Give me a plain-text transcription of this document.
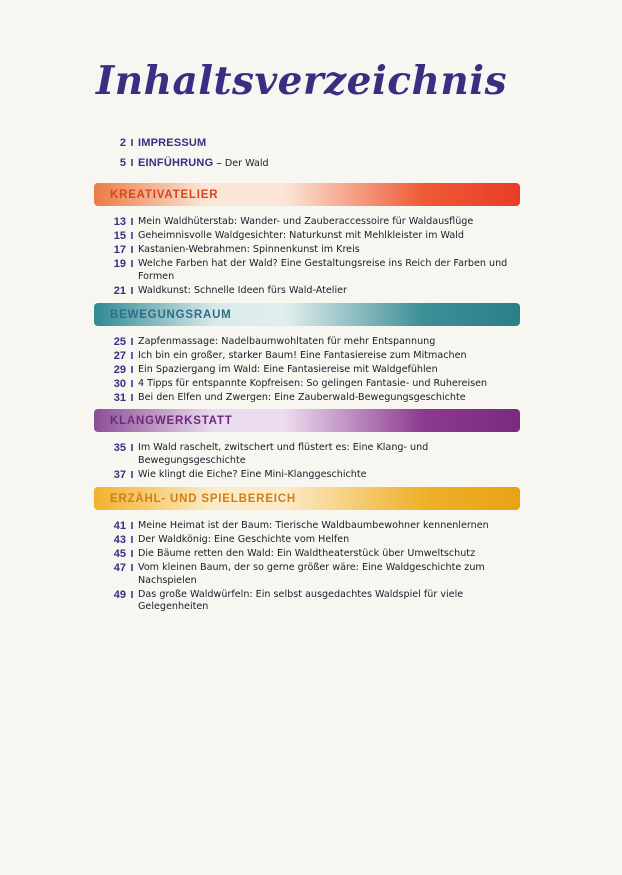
Inhaltsverzeichnis
2 I IMPRESSUM
5 I EINFÜHRUNG – Der Wald
KREATIVATELIER
13 I Mein Waldhüterstab: Wander- und Zauberaccessoire für Waldausflüge
15 I Geheimnisvolle Waldgesichter: Naturkunst mit Mehlkleister im Wald
17 I Kastanien-Webrahmen: Spinnenkunst im Kreis
19 I Welche Farben hat der Wald? Eine Gestaltungsreise ins Reich der Farben und Formen
21 I Waldkunst: Schnelle Ideen fürs Wald-Atelier
BEWEGUNGSRAUM
25 I Zapfenmassage: Nadelbaumwohltaten für mehr Entspannung
27 I Ich bin ein großer, starker Baum! Eine Fantasiereise zum Mitmachen
29 I Ein Spaziergang im Wald: Eine Fantasiereise mit Waldgefühlen
30 I 4 Tipps für entspannte Kopfreisen: So gelingen Fantasie- und Ruhereisen
31 I Bei den Elfen und Zwergen: Eine Zauberwald-Bewegungsgeschichte
KLANGWERKSTATT
35 I Im Wald raschelt, zwitschert und flüstert es: Eine Klang- und Bewegungsgeschichte
37 I Wie klingt die Eiche? Eine Mini-Klanggeschichte
ERZÄHL- UND SPIELBEREICH
41 I Meine Heimat ist der Baum: Tierische Waldbaumbewohner kennenlernen
43 I Der Waldkönig: Eine Geschichte vom Helfen
45 I Die Bäume retten den Wald: Ein Waldtheaterstück über Umweltschutz
47 I Vom kleinen Baum, der so gerne größer wäre: Eine Waldgeschichte zum Nachspielen
49 I Das große Waldwürfeln: Ein selbst ausgedachtes Waldspiel für viele Gelegenheiten
